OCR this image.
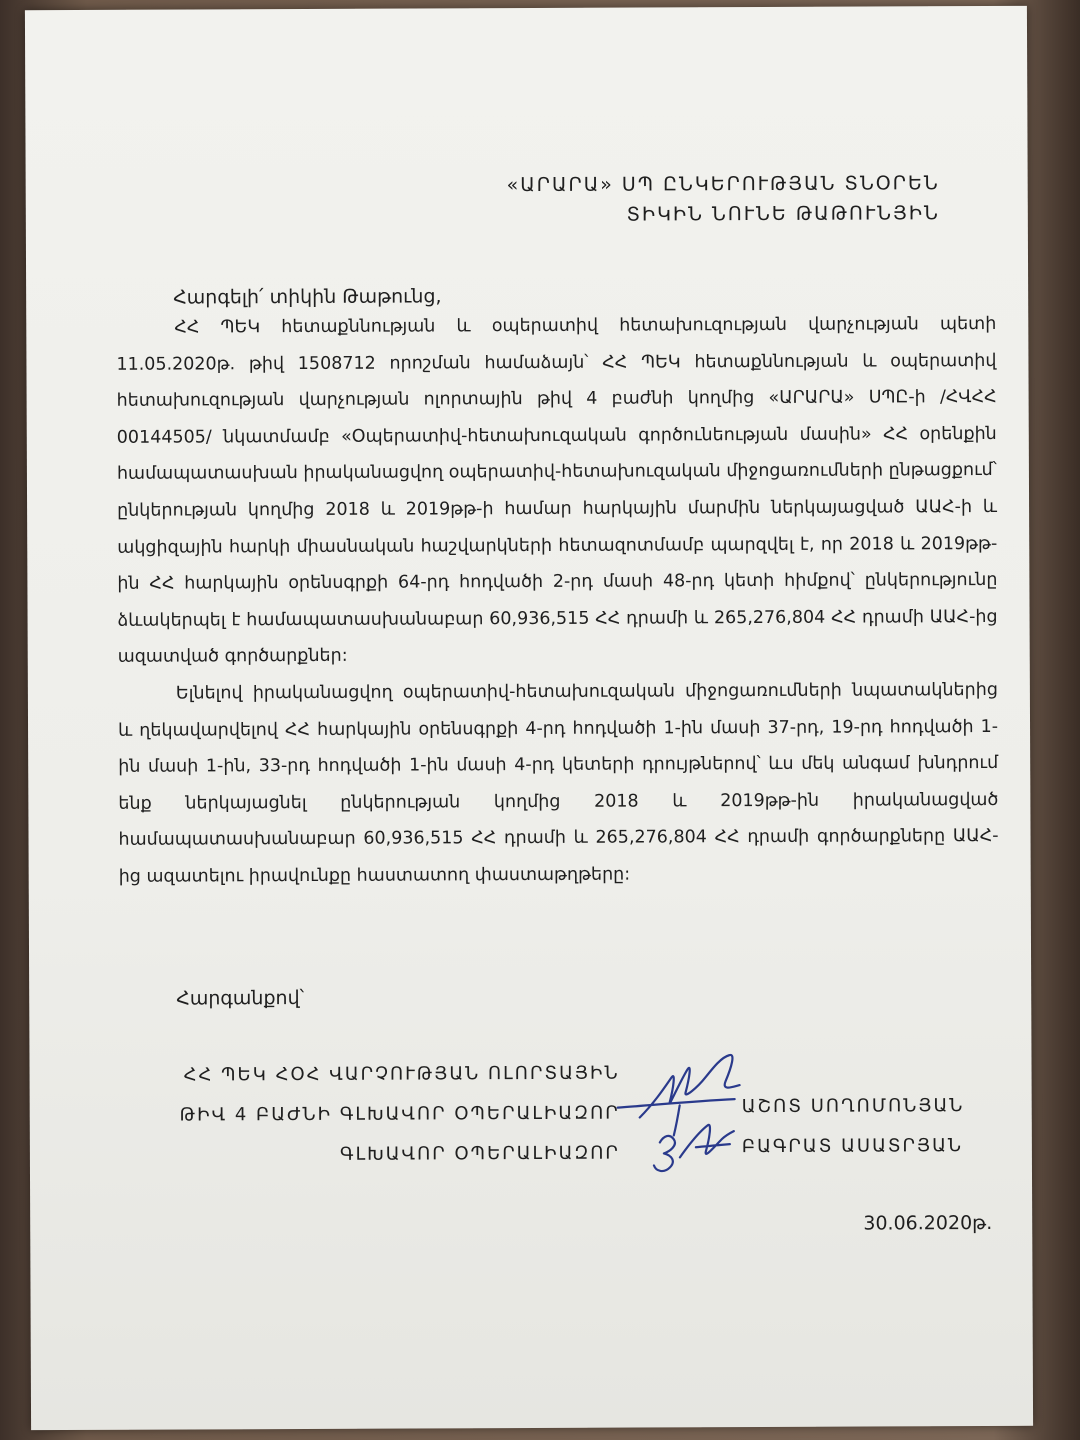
«ԱՐԱՐԱ» ՍՊ ԸՆԿԵՐՈՒԹՅԱՆ ՏՆՕՐԵՆ
ՏԻԿԻՆ ՆՈՒՆԵ ԹԱԹՈՒՆՅԻՆ
Հարգելի՛ տիկին Թաթունց,

ՀՀ ՊԵԿ հետաքննության և օպերատիվ հետախուզության վարչության պետի 11.05.2020թ. թիվ 1508712 որոշման համաձայն՝ ՀՀ ՊԵԿ հետաքննության և օպերատիվ հետախուզության վարչության ոլորտային թիվ 4 բաժնի կողմից «ԱՐԱՐԱ» ՍՊԸ-ի /ՀՎՀՀ 00144505/ նկատմամբ «Օպերատիվ-հետախուզական գործունեության մասին» ՀՀ օրենքին համապատասխան իրականացվող օպերատիվ-հետախուզական միջոցառումների ընթացքում՝ ընկերության կողմից 2018 և 2019թթ-ի համար հարկային մարմին ներկայացված ԱԱՀ-ի և ակցիզային հարկի միասնական հաշվարկների հետազոտմամբ պարզվել է, որ 2018 և 2019թթ-ին ՀՀ հարկային օրենսգրքի 64-րդ հոդվածի 2-րդ մասի 48-րդ կետի հիմքով՝ ընկերությունը ձևակերպել է համապատասխանաբար 60,936,515 ՀՀ դրամի և 265,276,804 ՀՀ դրամի ԱԱՀ-ից ազատված գործարքներ:

Ելնելով իրականացվող օպերատիվ-հետախուզական միջոցառումների նպատակներից և ղեկավարվելով ՀՀ հարկային օրենսգրքի 4-րդ հոդվածի 1-ին մասի 37-րդ, 19-րդ հոդվածի 1-ին մասի 1-ին, 33-րդ հոդվածի 1-ին մասի 4-րդ կետերի դրույթներով՝ ևս մեկ անգամ խնդրում ենք ներկայացնել ընկերության կողմից 2018 և 2019թթ-ին իրականացված համապատասխանաբար 60,936,515 ՀՀ դրամի և 265,276,804 ՀՀ դրամի գործարքները ԱԱՀ-ից ազատելու իրավունքը հաստատող փաստաթղթերը:

Հարգանքով՝
ՀՀ ՊԵԿ ՀՕՀ ՎԱՐՉՈՒԹՅԱՆ ՈԼՈՐՏԱՅԻՆ
ԹԻՎ 4 ԲԱԺՆԻ ԳԼԽԱՎՈՐ ՕՊԵՐԱԼԻԱԶՈՐ
ԳԼԽԱՎՈՐ ՕՊԵՐԱԼԻԱԶՈՐ
ԱՇՈՏ ՍՈՂՈՄՈՆՅԱՆ
ԲԱԳՐԱՏ ԱՍԱՏՐՅԱՆ
30.06.2020թ.
